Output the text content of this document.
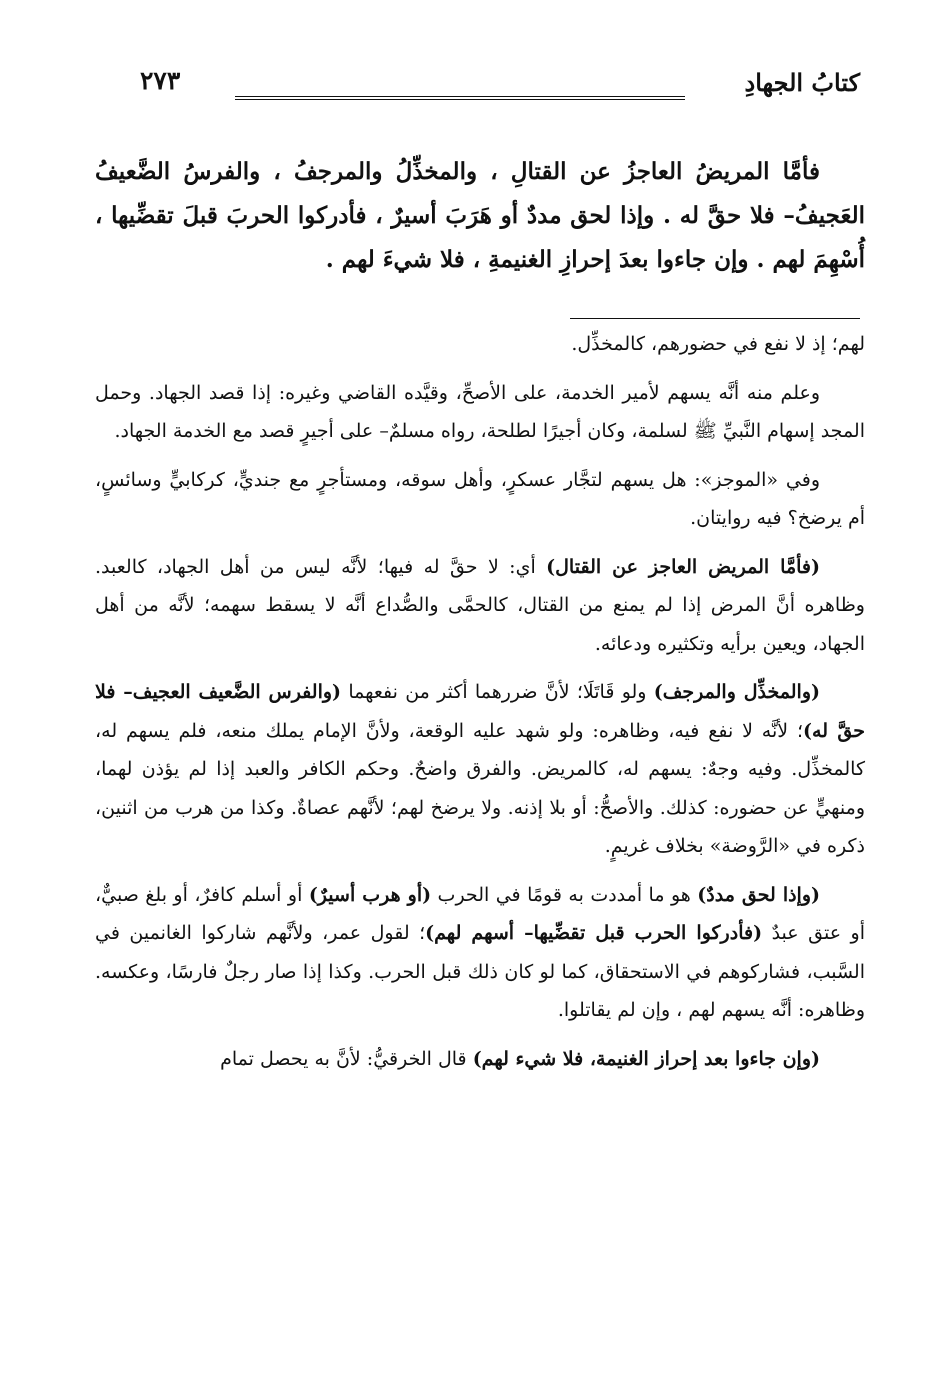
كتابُ الجهادِ
٢٧٣

فأمَّا المريضُ العاجزُ عن القتالِ ، والمخذِّلُ والمرجفُ ، والفرسُ الضَّعيفُ العَجيفُ– فلا حقَّ له . وإذا لحق مددٌ أو هَرَبَ أسيرٌ ، فأدركوا الحربَ قبلَ تقضِّيها ، أُسْهِمَ لهم . وإن جاءوا بعدَ إحرازِ الغنيمةِ ، فلا شيءَ لهم .

لهم؛ إذ لا نفع في حضورهم، كالمخذِّل.

وعلم منه أنَّه يسهم لأمير الخدمة، على الأصحِّ، وقيَّده القاضي وغيره: إذا قصد الجهاد. وحمل المجد إسهام النَّبيِّ ﷺ لسلمة، وكان أجيرًا لطلحة، رواه مسلمٌ– على أجيرٍ قصد مع الخدمة الجهاد.

وفي «الموجز»: هل يسهم لتجَّار عسكرٍ، وأهل سوقه، ومستأجرٍ مع جنديٍّ، كركابيٍّ وسائسٍ، أم يرضخ؟ فيه روايتان.

(فأمَّا المريض العاجز عن القتال) أي: لا حقَّ له فيها؛ لأنَّه ليس من أهل الجهاد، كالعبد. وظاهره أنَّ المرض إذا لم يمنع من القتال، كالحمَّى والصُّداع أنَّه لا يسقط سهمه؛ لأنَّه من أهل الجهاد، ويعين برأيه وتكثيره ودعائه.

(والمخذِّل والمرجف) ولو قَاتَلَا؛ لأنَّ ضررهما أكثر من نفعهما (والفرس الضَّعيف العجيف– فلا حقَّ له)؛ لأنَّه لا نفع فيه، وظاهره: ولو شهد عليه الوقعة، ولأنَّ الإمام يملك منعه، فلم يسهم له، كالمخذِّل. وفيه وجهٌ: يسهم له، كالمريض. والفرق واضحٌ. وحكم الكافر والعبد إذا لم يؤذن لهما، ومنهيٍّ عن حضوره: كذلك. والأصحُّ: أو بلا إذنه. ولا يرضخ لهم؛ لأنَّهم عصاةٌ. وكذا من هرب من اثنين، ذكره في «الرَّوضة» بخلاف غريمٍ.

(وإذا لحق مددٌ) هو ما أمددت به قومًا في الحرب (أو هرب أسيرٌ) أو أسلم كافرٌ، أو بلغ صبيٌّ، أو عتق عبدٌ (فأدركوا الحرب قبل تقضِّيها– أسهم لهم)؛ لقول عمر، ولأنَّهم شاركوا الغانمين في السَّبب، فشاركوهم في الاستحقاق، كما لو كان ذلك قبل الحرب. وكذا إذا صار رجلٌ فارسًا، وعكسه. وظاهره: أنَّه يسهم لهم ، وإن لم يقاتلوا.

(وإن جاءوا بعد إحراز الغنيمة، فلا شيء لهم) قال الخرقيُّ: لأنَّ به يحصل تمام
